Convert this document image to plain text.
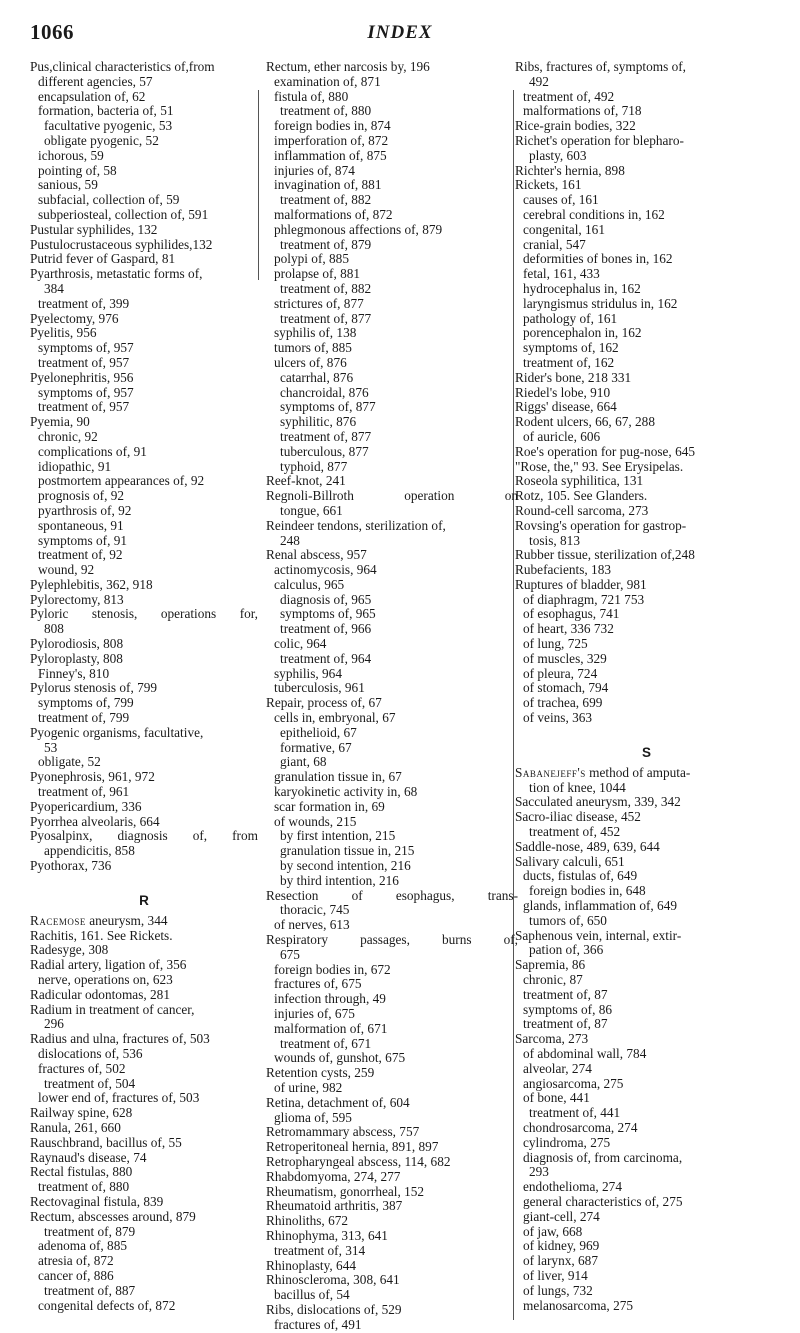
1066	INDEX
Pus,clinical characteristics of,from
different agencies, 57
encapsulation of, 62
formation, bacteria of, 51
facultative pyogenic, 53
obligate pyogenic, 52
ichorous, 59
pointing of, 58
sanious, 59
subfacial, collection of, 59
subperiosteal, collection of, 591
Pustular syphilides, 132
Pustulocrustaceous syphilides,132
Putrid fever of Gaspard, 81
Pyarthrosis, metastatic forms of,
384
treatment of, 399
Pyelectomy, 976
Pyelitis, 956
symptoms of, 957
treatment of, 957
Pyelonephritis, 956
symptoms of, 957
treatment of, 957
Pyemia, 90
chronic, 92
complications of, 91
idiopathic, 91
postmortem appearances of, 92
prognosis of, 92
pyarthrosis of, 92
spontaneous, 91
symptoms of, 91
treatment of, 92
wound, 92
Pylephlebitis, 362, 918
Pylorectomy, 813
Pyloric stenosis, operations for,
808
Pylorodiosis, 808
Pyloroplasty, 808
Finney's, 810
Pylorus stenosis of, 799
symptoms of, 799
treatment of, 799
Pyogenic organisms, facultative,
53
obligate, 52
Pyonephrosis, 961, 972
treatment of, 961
Pyopericardium, 336
Pyorrhea alveolaris, 664
Pyosalpinx, diagnosis of, from
appendicitis, 858
Pyothorax, 736
R
Racemose aneurysm, 344
Rachitis, 161. See Rickets.
Radesyge, 308
Radial artery, ligation of, 356
nerve, operations on, 623
Radicular odontomas, 281
Radium in treatment of cancer,
296
Radius and ulna, fractures of, 503
dislocations of, 536
fractures of, 502
treatment of, 504
lower end of, fractures of, 503
Railway spine, 628
Ranula, 261, 660
Rauschbrand, bacillus of, 55
Raynaud's disease, 74
Rectal fistulas, 880
treatment of, 880
Rectovaginal fistula, 839
Rectum, abscesses around, 879
treatment of, 879
adenoma of, 885
atresia of, 872
cancer of, 886
treatment of, 887
congenital defects of, 872
Rectum, ether narcosis by, 196
examination of, 871
fistula of, 880
treatment of, 880
foreign bodies in, 874
imperforation of, 872
inflammation of, 875
injuries of, 874
invagination of, 881
treatment of, 882
malformations of, 872
phlegmonous affections of, 879
treatment of, 879
polypi of, 885
prolapse of, 881
treatment of, 882
strictures of, 877
treatment of, 877
syphilis of, 138
tumors of, 885
ulcers of, 876
catarrhal, 876
chancroidal, 876
symptoms of, 877
syphilitic, 876
treatment of, 877
tuberculous, 877
typhoid, 877
Reef-knot, 241
Regnoli-Billroth	operation	on
tongue, 661
Reindeer tendons, sterilization of,
248
Renal abscess, 957
actinomycosis, 964
calculus, 965
diagnosis of, 965
symptoms of, 965
treatment of, 966
colic, 964
treatment of, 964
syphilis, 964
tuberculosis, 961
Repair, process of, 67
cells in, embryonal, 67
epithelioid, 67
formative, 67
giant, 68
granulation tissue in, 67
karyokinetic activity in, 68
scar formation in, 69
of wounds, 215
by first intention, 215
granulation tissue in, 215
by second intention, 216
by third intention, 216
Resection of esophagus, trans-
thoracic, 745
of nerves, 613
Respiratory passages, burns of,
675
foreign bodies in, 672
fractures of, 675
infection through, 49
injuries of, 675
malformation of, 671
treatment of, 671
wounds of, gunshot, 675
Retention cysts, 259
of urine, 982
Retina, detachment of, 604
glioma of, 595
Retromammary abscess, 757
Retroperitoneal hernia, 891, 897
Retropharyngeal abscess, 114, 682
Rhabdomyoma, 274, 277
Rheumatism, gonorrheal, 152
Rheumatoid arthritis, 387
Rhinoliths, 672
Rhinophyma, 313, 641
treatment of, 314
Rhinoplasty, 644
Rhinoscleroma, 308, 641
bacillus of, 54
Ribs, dislocations of, 529
fractures of, 491
Ribs, fractures of, symptoms of,
492
treatment of, 492
malformations of, 718
Rice-grain bodies, 322
Richet's operation for blepharo-
plasty, 603
Richter's hernia, 898
Rickets, 161
causes of, 161
cerebral conditions in, 162
congenital, 161
cranial, 547
deformities of bones in, 162
fetal, 161, 433
hydrocephalus in, 162
laryngismus stridulus in, 162
pathology of, 161
porencephalon in, 162
symptoms of, 162
treatment of, 162
Rider's bone, 218 331
Riedel's lobe, 910
Riggs' disease, 664
Rodent ulcers, 66, 67, 288
of auricle, 606
Roe's operation for pug-nose, 645
"Rose, the," 93. See Erysipelas.
Roseola syphilitica, 131
Rotz, 105. See Glanders.
Round-cell sarcoma, 273
Rovsing's operation for gastrop-
tosis, 813
Rubber tissue, sterilization of,248
Rubefacients, 183
Ruptures of bladder, 981
of diaphragm, 721 753
of esophagus, 741
of heart, 336 732
of lung, 725
of muscles, 329
of pleura, 724
of stomach, 794
of trachea, 699
of veins, 363
S
Sabanejeff's method of amputa-
tion of knee, 1044
Sacculated aneurysm, 339, 342
Sacro-iliac disease, 452
treatment of, 452
Saddle-nose, 489, 639, 644
Salivary calculi, 651
ducts, fistulas of, 649
foreign bodies in, 648
glands, inflammation of, 649
tumors of, 650
Saphenous vein, internal, extir-
pation of, 366
Sapremia, 86
chronic, 87
treatment of, 87
symptoms of, 86
treatment of, 87
Sarcoma, 273
of abdominal wall, 784
alveolar, 274
angiosarcoma, 275
of bone, 441
treatment of, 441
chondrosarcoma, 274
cylindroma, 275
diagnosis of, from carcinoma,
293
endothelioma, 274
general characteristics of, 275
giant-cell, 274
of jaw, 668
of kidney, 969
of larynx, 687
of liver, 914
of lungs, 732
melanosarcoma, 275
